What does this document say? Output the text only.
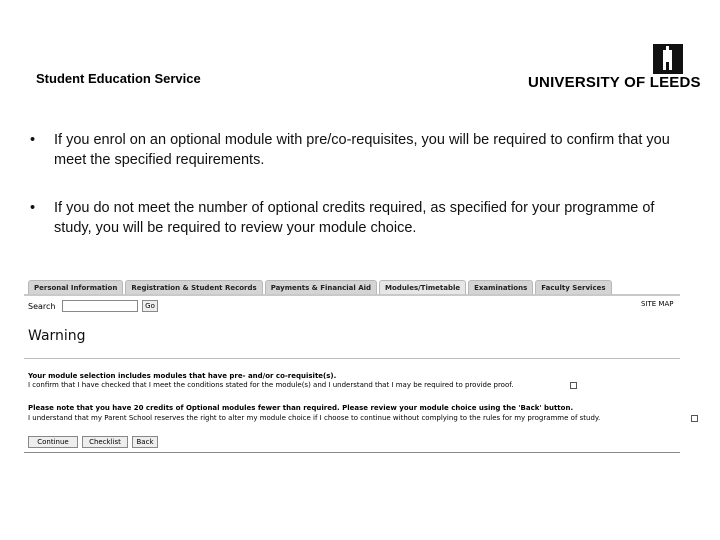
Student Education Service	UNIVERSITY OF LEEDS
• If you enrol on an optional module with pre/co-requisites, you will be required to confirm that you meet the specified requirements.
• If you do not meet the number of optional credits required, as specified for your programme of study, you will be required to review your module choice.
Personal Information	Registration & Student Records	Payments & Financial Aid	Modules/Timetable	Examinations	Faculty Services
Search	Go	SITE MAP
Warning
Your module selection includes modules that have pre- and/or co-requisite(s).
I confirm that I have checked that I meet the conditions stated for the module(s) and I understand that I may be required to provide proof.
Please note that you have 20 credits of Optional modules fewer than required. Please review your module choice using the 'Back' button.
I understand that my Parent School reserves the right to alter my module choice if I choose to continue without complying to the rules for my programme of study.
Continue	Checklist	Back
